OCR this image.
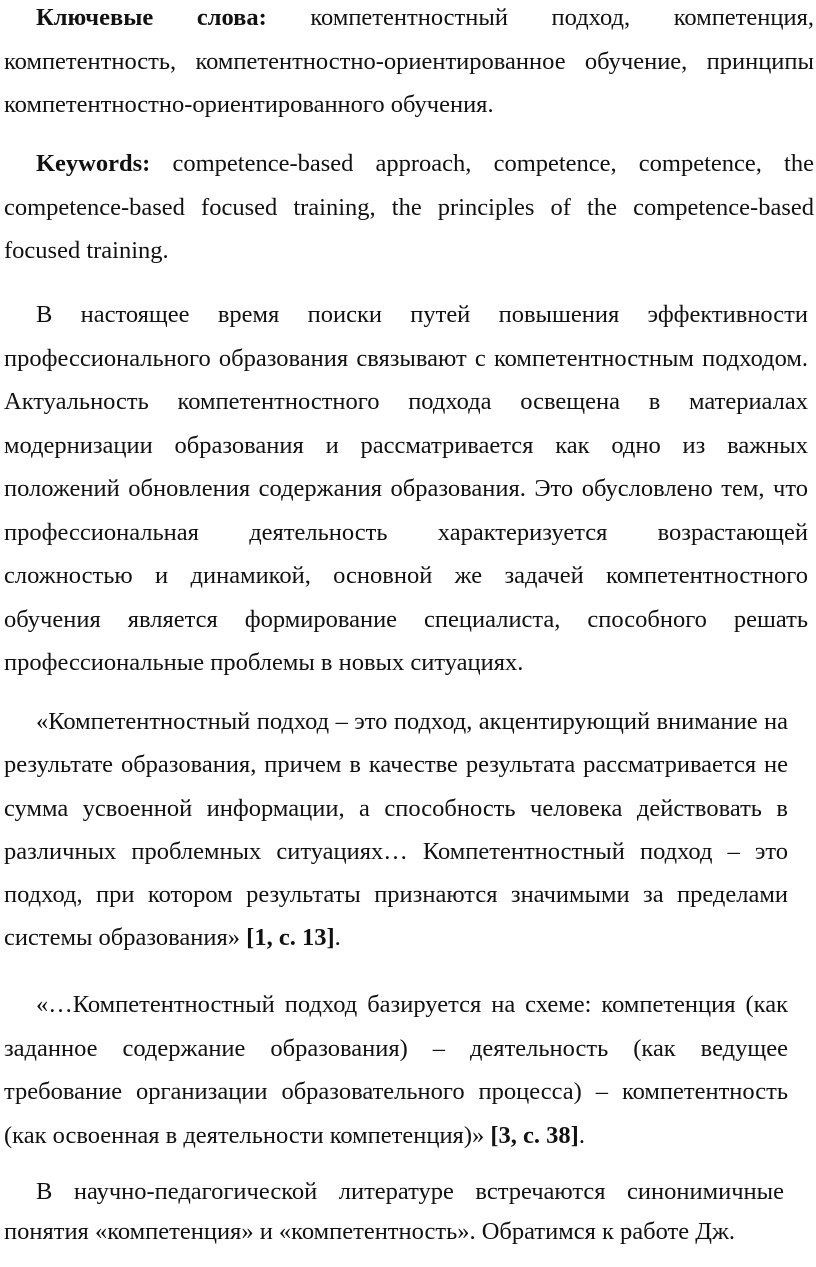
Ключевые слова: компетентностный подход, компетенция, компетентность, компетентностно-ориентированное обучение, принципы компетентностно-ориентированного обучения.

Keywords: competence-based approach, competence, competence, the competence-based focused training, the principles of the competence-based focused training.

В настоящее время поиски путей повышения эффективности профессионального образования связывают с компетентностным подходом. Актуальность компетентностного подхода освещена в материалах модернизации образования и рассматривается как одно из важных положений обновления содержания образования. Это обусловлено тем, что профессиональная деятельность характеризуется возрастающей сложностью и динамикой, основной же задачей компетентностного обучения является формирование специалиста, способного решать профессиональные проблемы в новых ситуациях.

«Компетентностный подход – это подход, акцентирующий внимание на результате образования, причем в качестве результата рассматривается не сумма усвоенной информации, а способность человека действовать в различных проблемных ситуациях… Компетентностный подход – это подход, при котором результаты признаются значимыми за пределами системы образования» [1, с. 13].

«…Компетентностный подход базируется на схеме: компетенция (как заданное содержание образования) – деятельность (как ведущее требование организации образовательного процесса) – компетентность (как освоенная в деятельности компетенция)» [3, с. 38].

В научно-педагогической литературе встречаются синонимичные понятия «компетенция» и «компетентность». Обратимся к работе Дж.
